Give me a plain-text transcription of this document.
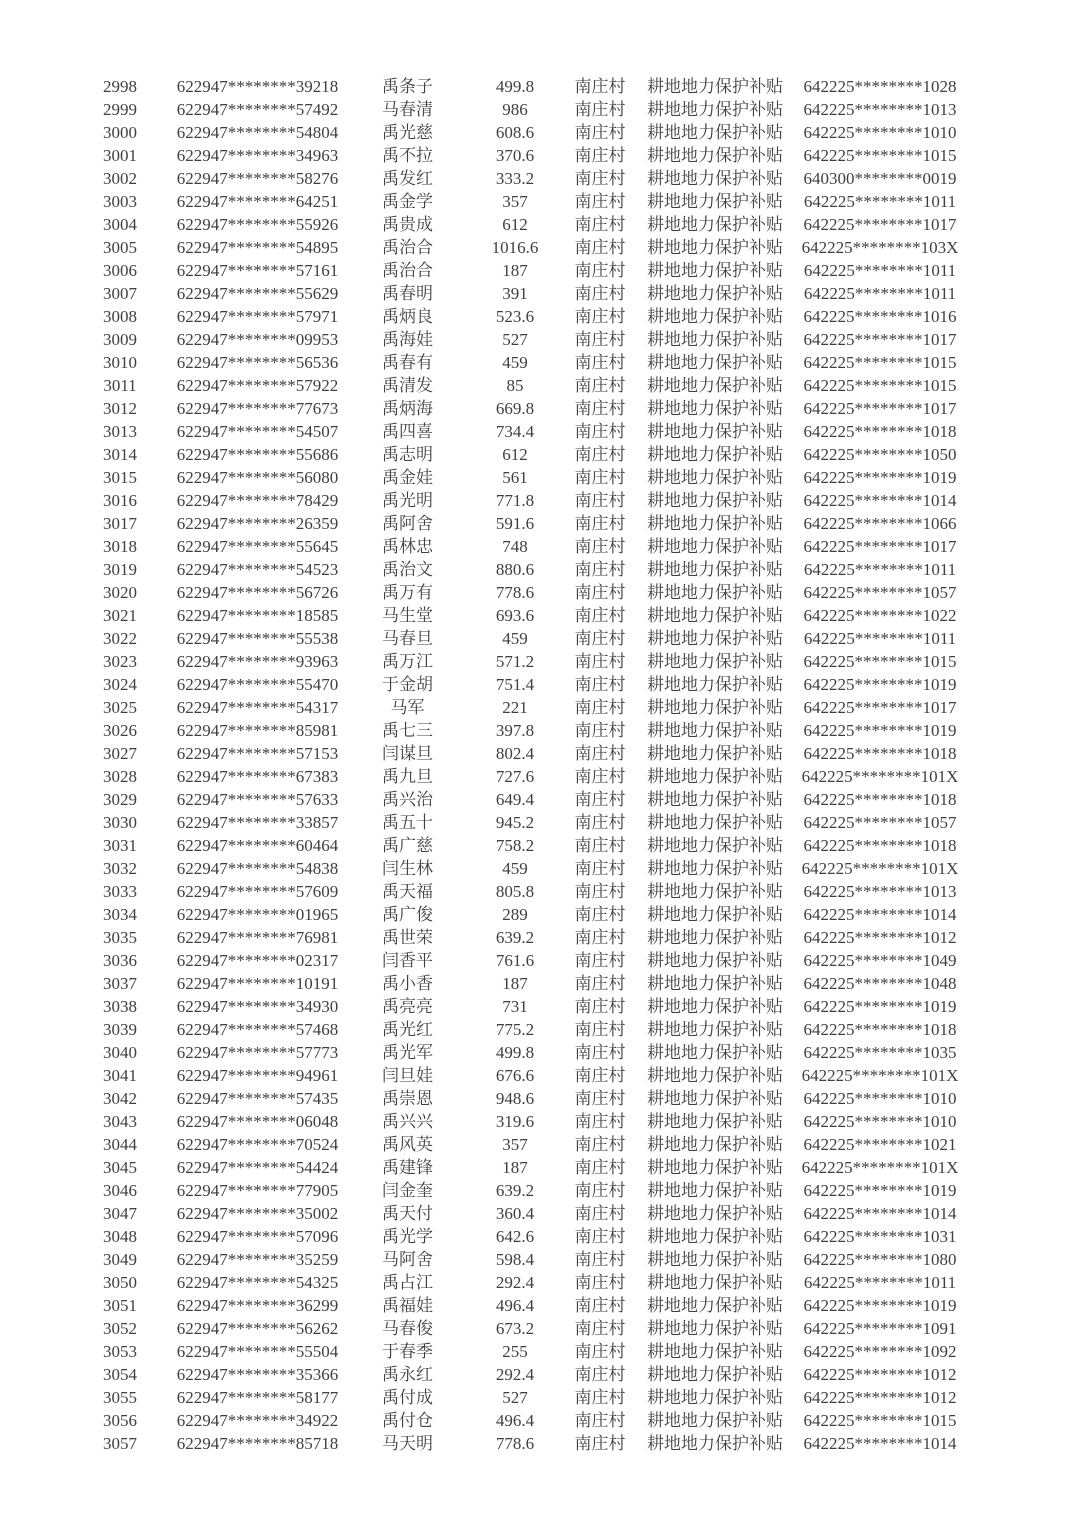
2998	622947********39218	禹条子	499.8	南庄村	耕地地力保护补贴	642225********1028
2999	622947********57492	马春清	986	南庄村	耕地地力保护补贴	642225********1013
3000	622947********54804	禹光慈	608.6	南庄村	耕地地力保护补贴	642225********1010
3001	622947********34963	禹不拉	370.6	南庄村	耕地地力保护补贴	642225********1015
3002	622947********58276	禹发红	333.2	南庄村	耕地地力保护补贴	640300********0019
3003	622947********64251	禹金学	357	南庄村	耕地地力保护补贴	642225********1011
3004	622947********55926	禹贵成	612	南庄村	耕地地力保护补贴	642225********1017
3005	622947********54895	禹治合	1016.6	南庄村	耕地地力保护补贴	642225********103X
3006	622947********57161	禹治合	187	南庄村	耕地地力保护补贴	642225********1011
3007	622947********55629	禹春明	391	南庄村	耕地地力保护补贴	642225********1011
3008	622947********57971	禹炳良	523.6	南庄村	耕地地力保护补贴	642225********1016
3009	622947********09953	禹海娃	527	南庄村	耕地地力保护补贴	642225********1017
3010	622947********56536	禹春有	459	南庄村	耕地地力保护补贴	642225********1015
3011	622947********57922	禹清发	85	南庄村	耕地地力保护补贴	642225********1015
3012	622947********77673	禹炳海	669.8	南庄村	耕地地力保护补贴	642225********1017
3013	622947********54507	禹四喜	734.4	南庄村	耕地地力保护补贴	642225********1018
3014	622947********55686	禹志明	612	南庄村	耕地地力保护补贴	642225********1050
3015	622947********56080	禹金娃	561	南庄村	耕地地力保护补贴	642225********1019
3016	622947********78429	禹光明	771.8	南庄村	耕地地力保护补贴	642225********1014
3017	622947********26359	禹阿舍	591.6	南庄村	耕地地力保护补贴	642225********1066
3018	622947********55645	禹林忠	748	南庄村	耕地地力保护补贴	642225********1017
3019	622947********54523	禹治文	880.6	南庄村	耕地地力保护补贴	642225********1011
3020	622947********56726	禹万有	778.6	南庄村	耕地地力保护补贴	642225********1057
3021	622947********18585	马生堂	693.6	南庄村	耕地地力保护补贴	642225********1022
3022	622947********55538	马春旦	459	南庄村	耕地地力保护补贴	642225********1011
3023	622947********93963	禹万江	571.2	南庄村	耕地地力保护补贴	642225********1015
3024	622947********55470	于金胡	751.4	南庄村	耕地地力保护补贴	642225********1019
3025	622947********54317	马军	221	南庄村	耕地地力保护补贴	642225********1017
3026	622947********85981	禹七三	397.8	南庄村	耕地地力保护补贴	642225********1019
3027	622947********57153	闫谋旦	802.4	南庄村	耕地地力保护补贴	642225********1018
3028	622947********67383	禹九旦	727.6	南庄村	耕地地力保护补贴	642225********101X
3029	622947********57633	禹兴治	649.4	南庄村	耕地地力保护补贴	642225********1018
3030	622947********33857	禹五十	945.2	南庄村	耕地地力保护补贴	642225********1057
3031	622947********60464	禹广慈	758.2	南庄村	耕地地力保护补贴	642225********1018
3032	622947********54838	闫生林	459	南庄村	耕地地力保护补贴	642225********101X
3033	622947********57609	禹天福	805.8	南庄村	耕地地力保护补贴	642225********1013
3034	622947********01965	禹广俊	289	南庄村	耕地地力保护补贴	642225********1014
3035	622947********76981	禹世荣	639.2	南庄村	耕地地力保护补贴	642225********1012
3036	622947********02317	闫香平	761.6	南庄村	耕地地力保护补贴	642225********1049
3037	622947********10191	禹小香	187	南庄村	耕地地力保护补贴	642225********1048
3038	622947********34930	禹亮亮	731	南庄村	耕地地力保护补贴	642225********1019
3039	622947********57468	禹光红	775.2	南庄村	耕地地力保护补贴	642225********1018
3040	622947********57773	禹光军	499.8	南庄村	耕地地力保护补贴	642225********1035
3041	622947********94961	闫旦娃	676.6	南庄村	耕地地力保护补贴	642225********101X
3042	622947********57435	禹崇恩	948.6	南庄村	耕地地力保护补贴	642225********1010
3043	622947********06048	禹兴兴	319.6	南庄村	耕地地力保护补贴	642225********1010
3044	622947********70524	禹风英	357	南庄村	耕地地力保护补贴	642225********1021
3045	622947********54424	禹建锋	187	南庄村	耕地地力保护补贴	642225********101X
3046	622947********77905	闫金奎	639.2	南庄村	耕地地力保护补贴	642225********1019
3047	622947********35002	禹天付	360.4	南庄村	耕地地力保护补贴	642225********1014
3048	622947********57096	禹光学	642.6	南庄村	耕地地力保护补贴	642225********1031
3049	622947********35259	马阿舍	598.4	南庄村	耕地地力保护补贴	642225********1080
3050	622947********54325	禹占江	292.4	南庄村	耕地地力保护补贴	642225********1011
3051	622947********36299	禹福娃	496.4	南庄村	耕地地力保护补贴	642225********1019
3052	622947********56262	马春俊	673.2	南庄村	耕地地力保护补贴	642225********1091
3053	622947********55504	于春季	255	南庄村	耕地地力保护补贴	642225********1092
3054	622947********35366	禹永红	292.4	南庄村	耕地地力保护补贴	642225********1012
3055	622947********58177	禹付成	527	南庄村	耕地地力保护补贴	642225********1012
3056	622947********34922	禹付仓	496.4	南庄村	耕地地力保护补贴	642225********1015
3057	622947********85718	马天明	778.6	南庄村	耕地地力保护补贴	642225********1014
